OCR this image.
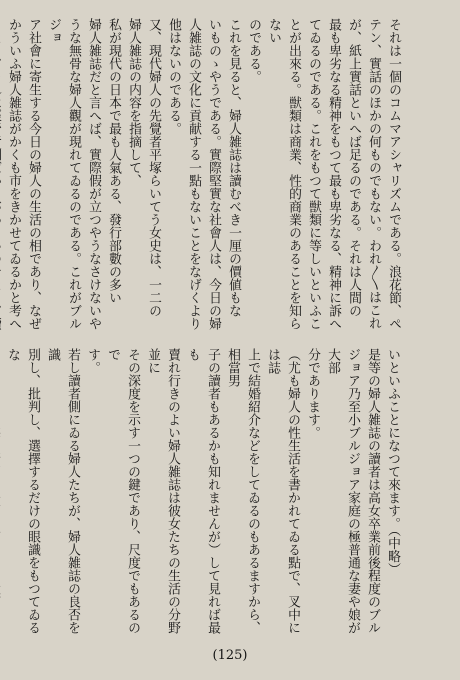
それは一個のコムマアシャリズムである。浪花節、ペ
テン、實話のほかの何ものでもない。われ〳〵はこれ
が、紙上實話といへば足るのである。それは人間の
最も卑劣なる精神をもつて最も卑劣なる、精神に訴へ
てゐるのである。これをもつて獣類に等しいといふこ
とが出來る。獣類は商業、性的商業のあることを知らない
のである。
これを見ると、婦人雑誌は讀むべき一厘の價値もな
いものゝやうである。實際堅實な社會人は、今日の婦
人雑誌の文化に貢献する一點もないことをなげくより
他はないのである。
又、現代婦人の先覺者平塚らいてう女史は、一二の
婦人雑誌の内容を指摘して、
私が現代の日本で最も人氣ある、發行部數の多い
婦人雑誌だと言へば、實際假が立つやうなさけないや
うな無骨な婦人觀が現れてゐるのである。これがブルジョ
ア社會に寄生する今日の婦人の生活の相であり、なぜ
かういふ婦人雑誌がかくも市をきかせてゐるかと考へ
いといふことになつて來ます。（中略）
是等の婦人雑誌の讀者は高女卒業前後程度のブル
ジョア乃至小ブルジョア家庭の極普通な妻や娘が大部
分であります。
（尤も婦人の性生活を書かれてゐる點で、叉中には誌
上で結婚紹介などをしてゐるのもあるますから、相當男
子の讀者もあるかも知れませんが）して見れば最も
賣れ行きのよい婦人雑誌は彼女たちの生活の分野並に
その深度を示す一つの鍵であり、尺度でもあるので
す。
若し讀者側にゐる婦人たちが、婦人雑誌の良否を識
別し、批判し、選擇するだけの眼識をもつてゐるな
(125)
